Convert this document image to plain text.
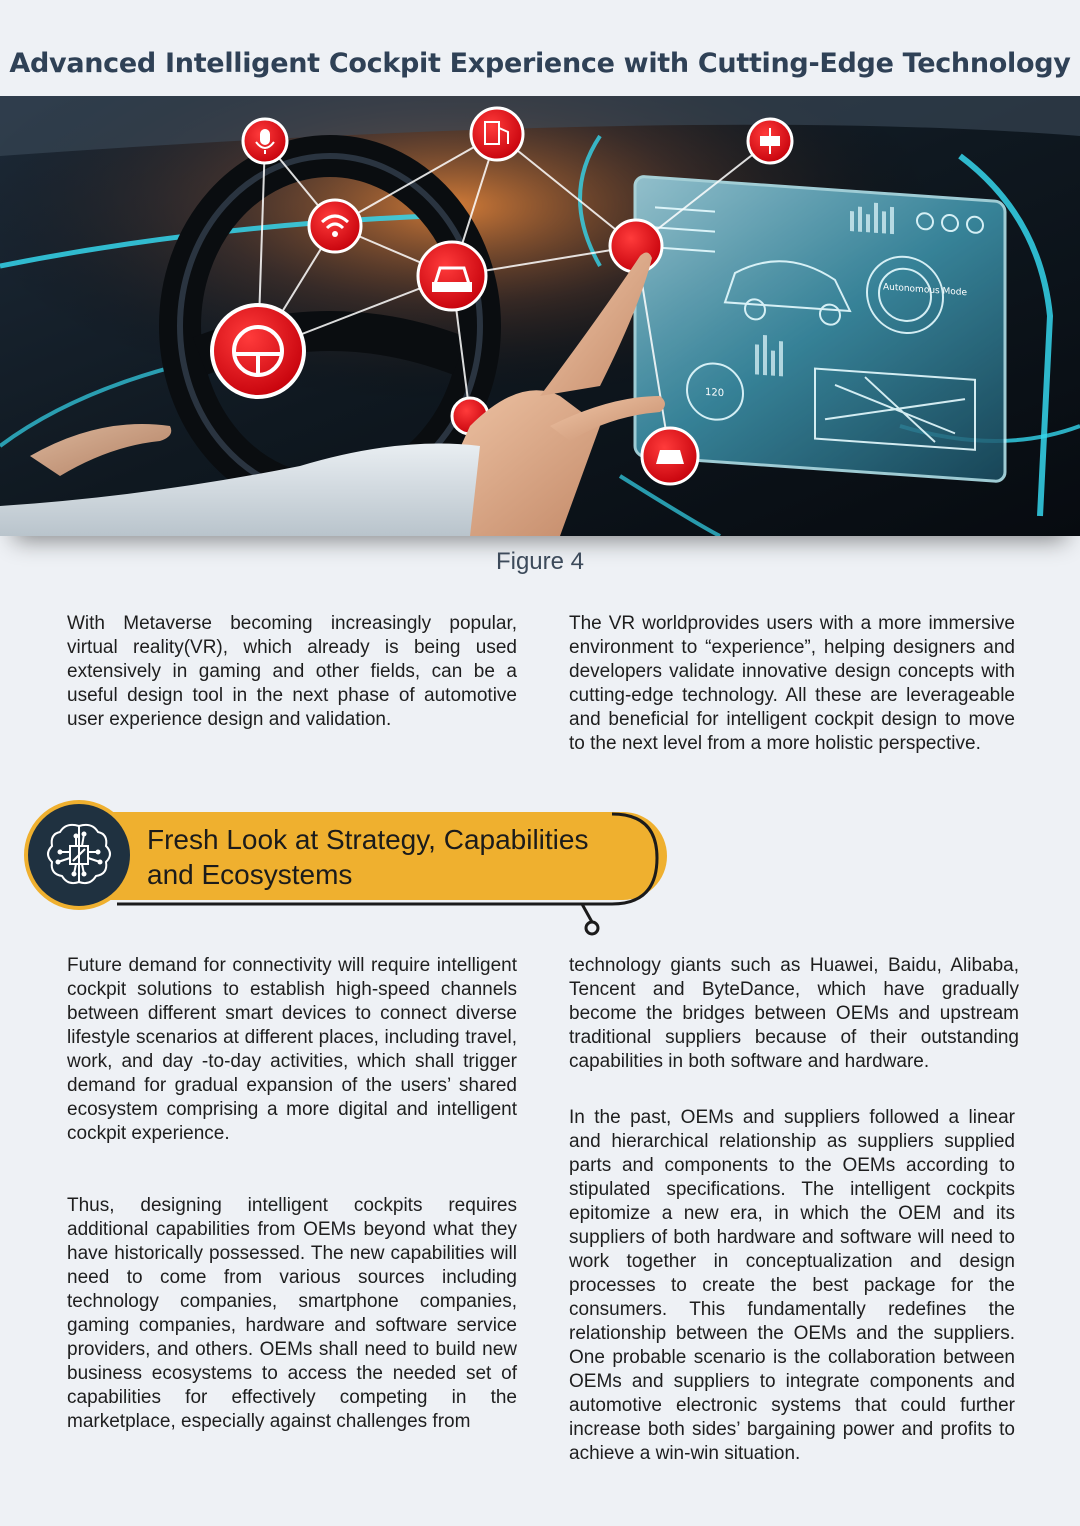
Advanced Intelligent Cockpit Experience with Cutting-Edge Technology
Autonomous Mode
120
Figure 4

With Metaverse becoming increasingly popular, virtual reality(VR), which already is being used extensively in gaming and other fields, can be a useful design tool in the next phase of automotive user experience design and validation.

The VR worldprovides users with a more immersive environment to “experience”, helping designers and developers validate innovative design concepts with cutting-edge technology. All these are leverageable and beneficial for intelligent cockpit design to move to the next level from a more holistic perspective.

Fresh Look at Strategy, Capabilities
and Ecosystems

Future demand for connectivity will require intelligent cockpit solutions to establish high-speed channels between different smart devices to connect diverse lifestyle scenarios at different places, including travel, work, and day -to-day activities, which shall trigger demand for gradual expansion of the users’ shared ecosystem comprising a more digital and intelligent cockpit experience.

Thus, designing intelligent cockpits requires additional capabilities from OEMs beyond what they have historically possessed. The new capabilities will need to come from various sources including technology companies, smartphone companies, gaming companies, hardware and software service providers, and others. OEMs shall need to build new business ecosystems to access the needed set of capabilities for effectively competing in the marketplace, especially against challenges from

technology giants such as Huawei, Baidu, Alibaba, Tencent and ByteDance, which have gradually become the bridges between OEMs and upstream traditional suppliers because of their outstanding capabilities in both software and hardware.

In the past, OEMs and suppliers followed a linear and hierarchical relationship as suppliers supplied parts and components to the OEMs according to stipulated specifications. The intelligent cockpits epitomize a new era, in which the OEM and its suppliers of both hardware and software will need to work together in conceptualization and design processes to create the best package for the consumers. This fundamentally redefines the relationship between the OEMs and the suppliers. One probable scenario is the collaboration between OEMs and suppliers to integrate components and automotive electronic systems that could further increase both sides’ bargaining power and profits to achieve a win-win situation.
